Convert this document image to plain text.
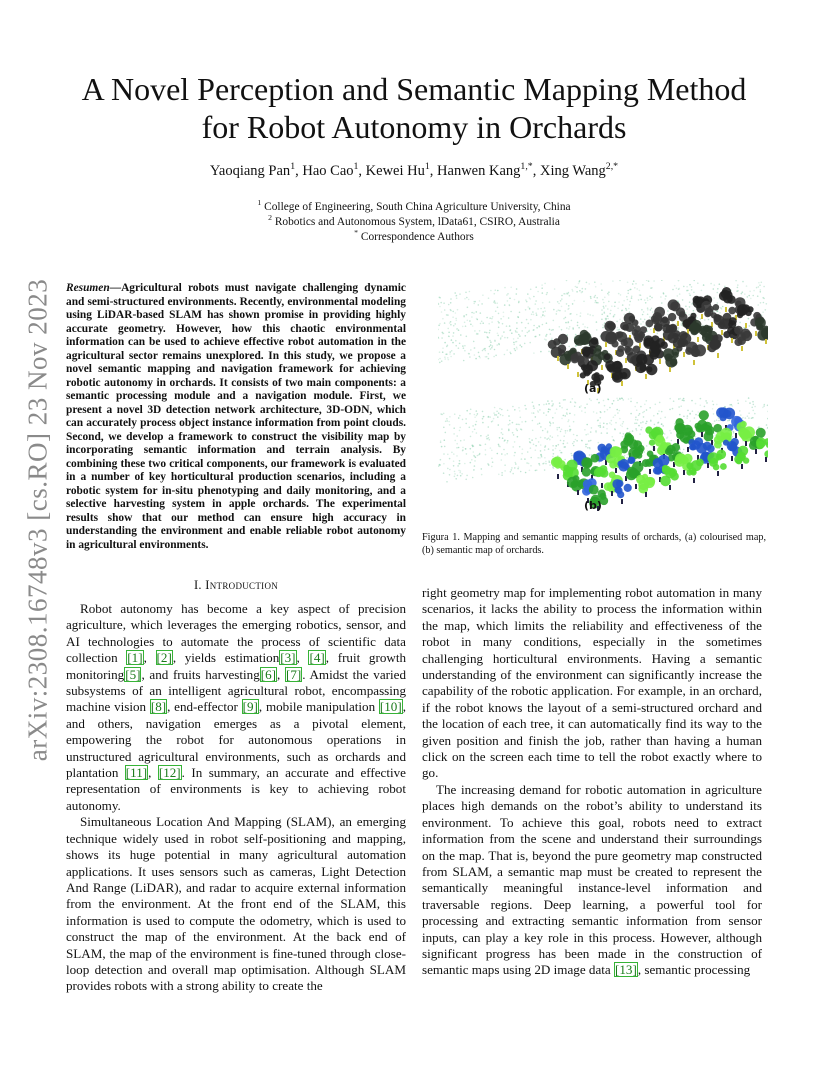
arXiv:2308.16748v3 [cs.RO] 23 Nov 2023
A Novel Perception and Semantic Mapping Method
for Robot Autonomy in Orchards
Yaoqiang Pan$^1$, Hao Cao$^1$, Kewei Hu$^1$, Hanwen Kang$^{1,*}$, Xing Wang$^{2,*}$
$^1$ College of Engineering, South China Agriculture University, China
$^2$ Robotics and Autonomous System, lData61, CSIRO, Australia
* Correspondence Authors
Resumen—Agricultural robots must navigate challenging dynamic and semi-structured environments. Recently, environmental modeling using LiDAR-based SLAM has shown promise in providing highly accurate geometry. However, how this chaotic environmental information can be used to achieve effective robot automation in the agricultural sector remains unexplored. In this study, we propose a novel semantic mapping and navigation framework for achieving robotic autonomy in orchards. It consists of two main components: a semantic processing module and a navigation module. First, we present a novel 3D detection network architecture, 3D-ODN, which can accurately process object instance information from point clouds. Second, we develop a framework to construct the visibility map by incorporating semantic information and terrain analysis. By combining these two critical components, our framework is evaluated in a number of key horticultural production scenarios, including a robotic system for in-situ phenotyping and daily monitoring, and a selective harvesting system in apple orchards. The experimental results show that our method can ensure high accuracy in understanding the environment and enable reliable robot autonomy in agricultural environments.
I. Introduction

Robot autonomy has become a key aspect of precision agriculture, which leverages the emerging robotics, sensor, and AI technologies to automate the process of scientific data collection [1], [2], yields estimation[3], [4], fruit growth monitoring[5], and fruits harvesting[6], [7]. Amidst the varied subsystems of an intelligent agricultural robot, encompassing machine vision [8], end-effector [9], mobile manipulation [10], and others, navigation emerges as a pivotal element, empowering the robot for autonomous operations in unstructured agricultural environments, such as orchards and plantation [11], [12]. In summary, an accurate and effective representation of environments is key to achieving robot autonomy.

Simultaneous Location And Mapping (SLAM), an emerging technique widely used in robot self-positioning and mapping, shows its huge potential in many agricultural automation applications. It uses sensors such as cameras, Light Detection And Range (LiDAR), and radar to acquire external information from the environment. At the front end of the SLAM, this information is used to compute the odometry, which is used to construct the map of the environment. At the back end of SLAM, the map of the environment is fine-tuned through close-loop detection and overall map optimisation. Although SLAM provides robots with a strong ability to create the

(a)
(b)
Figura 1. Mapping and semantic mapping results of orchards, (a) colourised map, (b) semantic map of orchards.

right geometry map for implementing robot automation in many scenarios, it lacks the ability to process the information within the map, which limits the reliability and effectiveness of the robot in many conditions, especially in the sometimes challenging horticultural environments. Having a semantic understanding of the environment can significantly increase the capability of the robotic application. For example, in an orchard, if the robot knows the layout of a semi-structured orchard and the location of each tree, it can automatically find its way to the given position and finish the job, rather than having a human click on the screen each time to tell the robot exactly where to go.

The increasing demand for robotic automation in agriculture places high demands on the robot’s ability to understand its environment. To achieve this goal, robots need to extract information from the scene and understand their surroundings on the map. That is, beyond the pure geometry map constructed from SLAM, a semantic map must be created to represent the semantically meaningful instance-level information and traversable regions. Deep learning, a powerful tool for processing and extracting semantic information from sensor inputs, can play a key role in this process. However, although significant progress has been made in the construction of semantic maps using 2D image data [13], semantic processing
